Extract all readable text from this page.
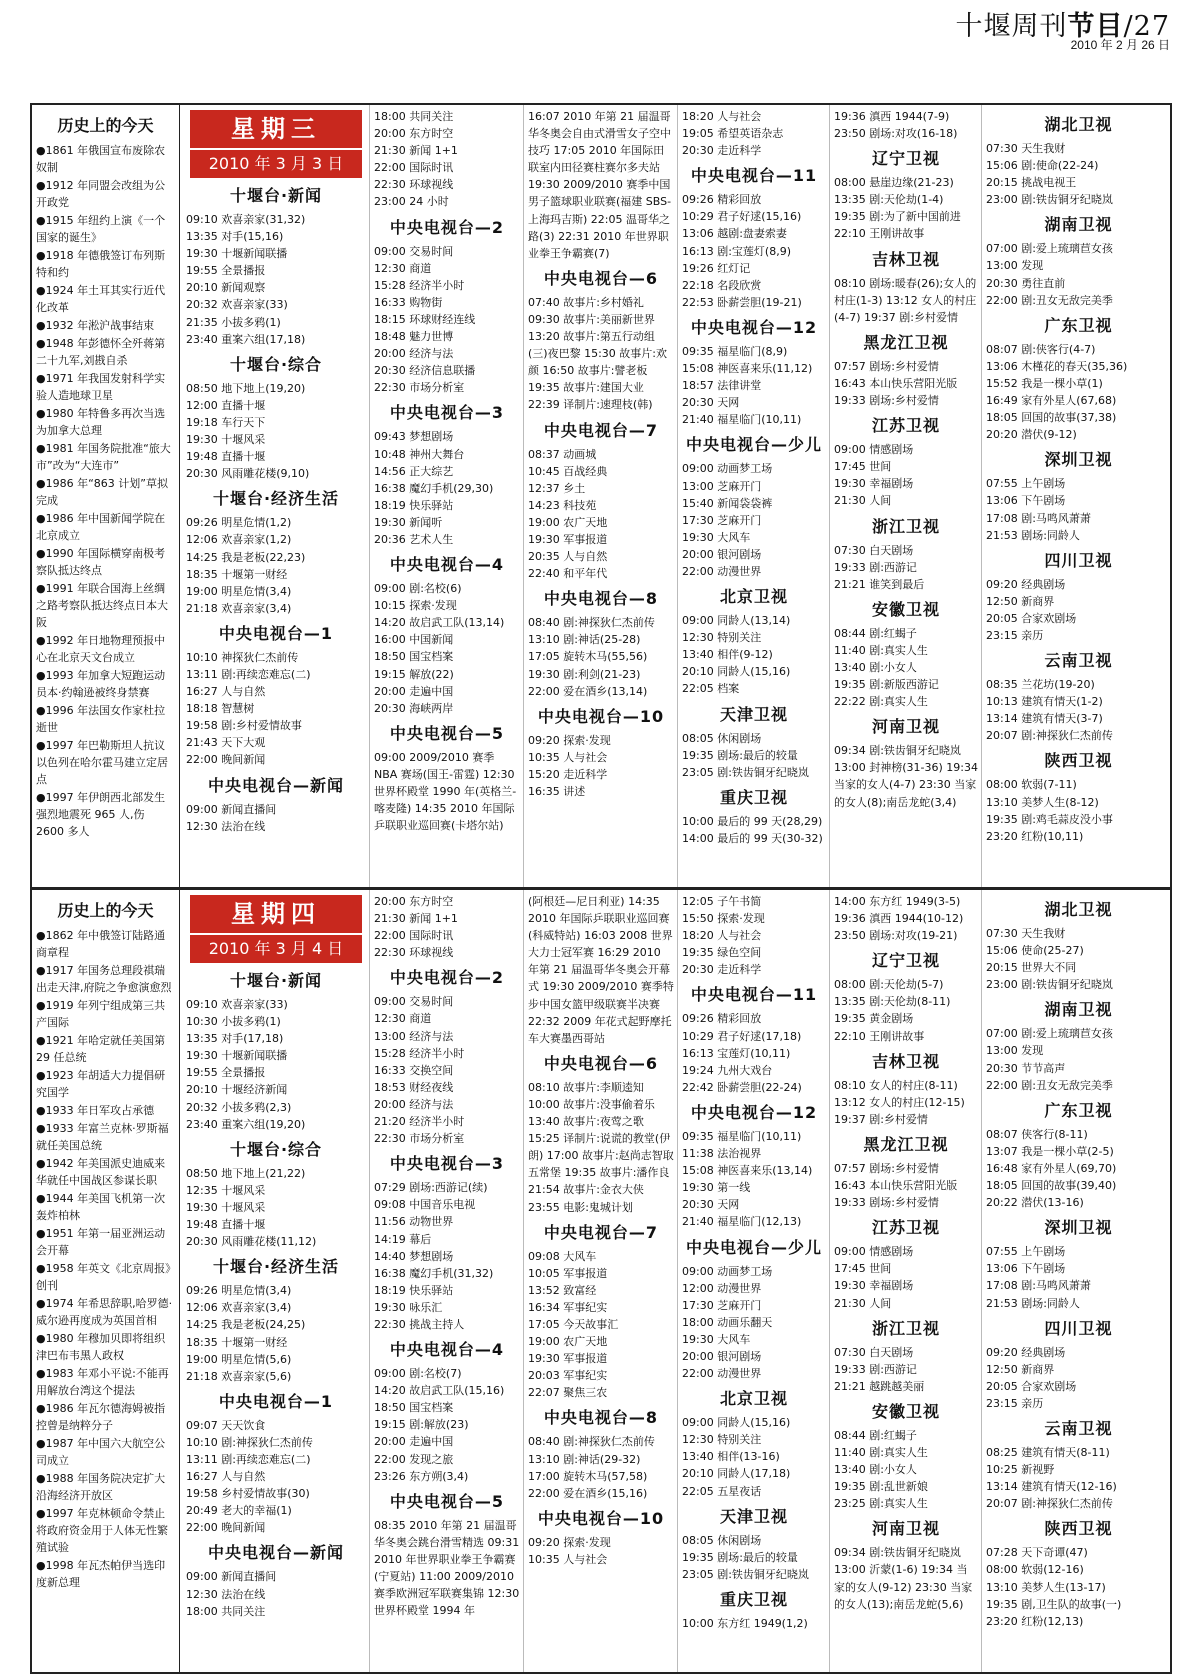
十堰周刊节目/27
2010 年 2 月 26 日
历史上的今天
●1861 年俄国宣布废除农奴制
●1912 年同盟会改组为公开政党
●1915 年纽约上演《一个国家的诞生》
●1918 年德俄签订布列斯特和约
●1924 年土耳其实行近代化改革
●1932 年淞沪战事结束
●1948 年彭德怀全歼蒋第二十九军,刘戡自杀
●1971 年我国发射科学实验人造地球卫星
●1980 年特鲁多再次当选为加拿大总理
●1981 年国务院批准“旅大市”改为“大连市”
●1986 年“863 计划”草拟完成
●1986 年中国新闻学院在北京成立
●1990 年国际横穿南极考察队抵达终点
●1991 年联合国海上丝绸之路考察队抵达终点日本大阪
●1992 年日地物理预报中心在北京天文台成立
●1993 年加拿大短跑运动员本·约翰逊被终身禁赛
●1996 年法国女作家杜拉逝世
●1997 年巴勒斯坦人抗议以色列在哈尔霍马建立定居点
●1997 年伊朗西北部发生强烈地震死 965 人,伤 2600 多人
星期三
2010 年 3 月 3 日
十堰台·新闻
09:10 欢喜亲家(31,32)
13:35 对手(15,16)
19:30 十堰新闻联播
19:55 全景播报
20:10 新闻观察
20:32 欢喜亲家(33)
21:35 小拔多鸦(1)
23:40 重案六组(17,18)
十堰台·综合
08:50 地下地上(19,20)
12:00 直播十堰
19:18 车行天下
19:30 十堰风采
19:48 直播十堰
20:30 风雨雕花楼(9,10)
十堰台·经济生活
09:26 明星危情(1,2)
12:06 欢喜亲家(1,2)
14:25 我是老板(22,23)
18:35 十堰第一财经
19:00 明星危情(3,4)
21:18 欢喜亲家(3,4)
中央电视台—1
10:10 神探狄仁杰前传
13:11 剧:再续恋难忘(二)
16:27 人与自然
18:18 智慧树
19:58 剧:乡村爱情故事
21:43 天下大观
22:00 晚间新闻
中央电视台—新闻
09:00 新闻直播间
12:30 法治在线
18:00 共同关注
20:00 东方时空
21:30 新闻 1+1
22:00 国际时讯
22:30 环球视线
23:00 24 小时
中央电视台—2
09:00 交易时间
12:30 商道
15:28 经济半小时
16:33 购物街
18:15 环球财经连线
18:48 魅力世博
20:00 经济与法
20:30 经济信息联播
22:30 市场分析室
中央电视台—3
09:43 梦想剧场
10:48 神州大舞台
14:56 正大综艺
16:38 魔幻手机(29,30)
18:19 快乐驿站
19:30 新闻听
20:36 艺术人生
中央电视台—4
09:00 剧:名校(6)
10:15 探索·发现
14:20 故启武工队(13,14)
16:00 中国新闻
18:50 国宝档案
19:15 解放(22)
20:00 走遍中国
20:30 海峡两岸
中央电视台—5
09:00 2009/2010 赛季 NBA 赛场(国王-雷霆) 12:30 世界杯殿堂 1990 年(英格兰-喀麦隆) 14:35 2010 年国际乒联职业巡回赛(卡塔尔站)
16:07 2010 年第 21 届温哥华冬奥会自由式滑雪女子空中技巧 17:05 2010 年国际田联室内田径赛柱赛尔多夫站 19:30 2009/2010 赛季中国男子篮球职业联赛(福建 SBS-上海玛吉斯) 22:05 温哥华之路(3) 22:31 2010 年世界职业拳王争霸赛(7)
中央电视台—6
07:40 故事片:乡村婚礼 09:30 故事片:美丽新世界 13:20 故事片:第五行动组(三)夜巴黎 15:30 故事片:欢颜 16:50 故事片:譬老板 19:35 故事片:建国大业 22:39 译制片:速理枝(韩)
中央电视台—7
08:37 动画城
10:45 百战经典
12:37 乡土
14:23 科技苑
19:00 农广天地
19:30 军事报道
20:35 人与自然
22:40 和平年代
中央电视台—8
08:40 剧:神探狄仁杰前传
13:10 剧:神话(25-28)
17:05 旋转木马(55,56)
19:30 剧:利剑(21-23)
22:00 爱在酒乡(13,14)
中央电视台—10
09:20 探索·发现
10:35 人与社会
15:20 走近科学
16:35 讲述
18:20 人与社会
19:05 希望英语杂志
20:30 走近科学
中央电视台—11
09:26 精彩回放
10:29 君子好逑(15,16)
13:06 越剧:盘妻索妻
16:13 剧:宝莲灯(8,9)
19:26 红灯记
22:18 名段欣赏
22:53 卧薪尝胆(19-21)
中央电视台—12
09:35 福星临门(8,9)
15:08 神医喜来乐(11,12)
18:57 法律讲堂
20:30 天网
21:40 福星临门(10,11)
中央电视台—少儿
09:00 动画梦工场
13:00 芝麻开门
15:40 新闻袋袋裤
17:30 芝麻开门
19:30 大风车
20:00 银河剧场
22:00 动漫世界
北京卫视
09:00 同龄人(13,14)
12:30 特别关注
13:40 相伴(9-12)
20:10 同龄人(15,16)
22:05 档案
天津卫视
08:05 休闲剧场
19:35 剧场:最后的较量
23:05 剧:铁齿铜牙纪晓岚
重庆卫视
10:00 最后的 99 天(28,29)
14:00 最后的 99 天(30-32)
19:36 滇西 1944(7-9)
23:50 剧场:对攻(16-18)
辽宁卫视
08:00 悬崖边缘(21-23)
13:35 剧:天伦劫(1-4)
19:35 剧:为了新中国前进
22:10 王刚讲故事
吉林卫视
08:10 剧场:暖春(26);女人的村庄(1-3) 13:12 女人的村庄(4-7) 19:37 剧:乡村爱情
黑龙江卫视
07:57 剧场:乡村爱情
16:43 本山快乐营阳光版
19:33 剧场:乡村爱情
江苏卫视
09:00 情感剧场
17:45 世间
19:30 幸福剧场
21:30 人间
浙江卫视
07:30 白天剧场
19:33 剧:西游记
21:21 谁笑到最后
安徽卫视
08:44 剧:红蝎子
11:40 剧:真实人生
13:40 剧:小女人
19:35 剧:新版西游记
22:22 剧:真实人生
河南卫视
09:34 剧:铁齿铜牙纪晓岚 13:00 封神榜(31-36) 19:34 当家的女人(4-7) 23:30 当家的女人(8);南岳龙蛇(3,4)
湖北卫视
07:30 天生我财
15:06 剧:使命(22-24)
20:15 挑战电视王
23:00 剧:铁齿铜牙纪晓岚
湖南卫视
07:00 剧:爱上琉璃苣女孩
13:00 发现
20:30 勇往直前
22:00 剧:丑女无敌完美季
广东卫视
08:07 剧:侠客行(4-7)
13:06 木槿花的春天(35,36)
15:52 我是一棵小草(1)
16:49 家有外星人(67,68)
18:05 回国的故事(37,38)
20:20 潜伏(9-12)
深圳卫视
07:55 上午剧场
13:06 下午剧场
17:08 剧:马鸣风萧萧
21:53 剧场:同龄人
四川卫视
09:20 经典剧场
12:50 新商界
20:05 合家欢剧场
23:15 亲历
云南卫视
08:35 兰花坊(19-20)
10:13 建筑有情天(1-2)
13:14 建筑有情天(3-7)
20:07 剧:神探狄仁杰前传
陕西卫视
08:00 软弱(7-11)
13:10 美梦人生(8-12)
19:35 剧:鸡毛蒜皮没小事
23:20 红粉(10,11)
历史上的今天
●1862 年中俄签订陆路通商章程
●1917 年国务总理段祺瑞出走天津,府院之争愈演愈烈
●1919 年列宁组成第三共产国际
●1921 年哈定就任美国第 29 任总统
●1923 年胡适大力提倡研究国学
●1933 年日军攻占承德
●1933 年富兰克林·罗斯福就任美国总统
●1942 年美国派史迪威来华就任中国战区参谋长职
●1944 年美国飞机第一次轰炸柏林
●1951 年第一届亚洲运动会开幕
●1958 年英文《北京周报》创刊
●1974 年希思辞职,哈罗德·威尔逊再度成为英国首相
●1980 年穆加贝即将组织津巴布韦黑人政权
●1983 年邓小平说:不能再用解放台湾这个提法
●1986 年瓦尔德海姆被指控曾是纳粹分子
●1987 年中国六大航空公司成立
●1988 年国务院决定扩大沿海经济开放区
●1997 年克林顿命令禁止将政府资金用于人体无性繁殖试验
●1998 年瓦杰帕伊当选印度新总理
星期四
2010 年 3 月 4 日
十堰台·新闻
09:10 欢喜亲家(33)
10:30 小拔多鸦(1)
13:35 对手(17,18)
19:30 十堰新闻联播
19:55 全景播报
20:10 十堰经济新闻
20:32 小拔多鸦(2,3)
23:40 重案六组(19,20)
十堰台·综合
08:50 地下地上(21,22)
12:35 十堰风采
19:30 十堰风采
19:48 直播十堰
20:30 风雨雕花楼(11,12)
十堰台·经济生活
09:26 明星危情(3,4)
12:06 欢喜亲家(3,4)
14:25 我是老板(24,25)
18:35 十堰第一财经
19:00 明星危情(5,6)
21:18 欢喜亲家(5,6)
中央电视台—1
09:07 天天饮食
10:10 剧:神探狄仁杰前传
13:11 剧:再续恋难忘(二)
16:27 人与自然
19:58 乡村爱情故事(30)
20:49 老大的幸福(1)
22:00 晚间新闻
中央电视台—新闻
09:00 新闻直播间
12:30 法治在线
18:00 共同关注
20:00 东方时空
21:30 新闻 1+1
22:00 国际时讯
22:30 环球视线
中央电视台—2
09:00 交易时间
12:30 商道
13:00 经济与法
15:28 经济半小时
16:33 交换空间
18:53 财经夜线
20:00 经济与法
21:20 经济半小时
22:30 市场分析室
中央电视台—3
07:29 剧场:西游记(续)
09:08 中国音乐电视
11:56 动物世界
14:19 幕后
14:40 梦想剧场
16:38 魔幻手机(31,32)
18:19 快乐驿站
19:30 咏乐汇
22:30 挑战主持人
中央电视台—4
09:00 剧:名校(7)
14:20 故启武工队(15,16)
18:50 国宝档案
19:15 剧:解放(23)
20:00 走遍中国
22:00 发现之旅
23:26 东方朔(3,4)
中央电视台—5
08:35 2010 年第 21 届温哥华冬奥会跳台滑雪精选 09:31 2010 年世界职业拳王争霸赛(宁夏站) 11:00 2009/2010 赛季欧洲冠军联赛集锦 12:30 世界杯殿堂 1994 年
(阿根廷—尼日利亚) 14:35 2010 年国际乒联职业巡回赛(科威特站) 16:03 2008 世界大力士冠军赛 16:29 2010 年第 21 届温哥华冬奥会开幕式 19:30 2009/2010 赛季特步中国女篮甲级联赛半决赛 22:32 2009 年花式起野摩托车大赛墨西哥站
中央电视台—6
08:10 故事片:李顺逵知 10:00 故事片:没事偷着乐 13:40 故事片:夜莺之歌 15:25 译制片:说谎的教堂(伊朗) 17:00 故事片:赵尚志智取五常堡 19:35 故事片:潘作良 21:54 故事片:金衣大侠 23:55 电影:鬼城计划
中央电视台—7
09:08 大风车
10:05 军事报道
13:52 致富经
16:34 军事纪实
17:05 今天故事汇
19:00 农广天地
19:30 军事报道
20:03 军事纪实
22:07 聚焦三农
中央电视台—8
08:40 剧:神探狄仁杰前传
13:10 剧:神话(29-32)
17:00 旋转木马(57,58)
22:00 爱在酒乡(15,16)
中央电视台—10
09:20 探索·发现
10:35 人与社会
12:05 子午书简
15:50 探索·发现
18:20 人与社会
19:35 绿色空间
20:30 走近科学
中央电视台—11
09:26 精彩回放
10:29 君子好逑(17,18)
16:13 宝莲灯(10,11)
19:24 九州大戏台
22:42 卧薪尝胆(22-24)
中央电视台—12
09:35 福星临门(10,11)
11:38 法治视界
15:08 神医喜来乐(13,14)
19:30 第一线
20:30 天网
21:40 福星临门(12,13)
中央电视台—少儿
09:00 动画梦工场
12:00 动漫世界
17:30 芝麻开门
18:00 动画乐翻天
19:30 大风车
20:00 银河剧场
22:00 动漫世界
北京卫视
09:00 同龄人(15,16)
12:30 特别关注
13:40 相伴(13-16)
20:10 同龄人(17,18)
22:05 五星夜话
天津卫视
08:05 休闲剧场
19:35 剧场:最后的较量
23:05 剧:铁齿铜牙纪晓岚
重庆卫视
10:00 东方红 1949(1,2)
14:00 东方红 1949(3-5)
19:36 滇西 1944(10-12)
23:50 剧场:对攻(19-21)
辽宁卫视
08:00 剧:天伦劫(5-7)
13:35 剧:天伦劫(8-11)
19:35 黄金剧场
22:10 王刚讲故事
吉林卫视
08:10 女人的村庄(8-11)
13:12 女人的村庄(12-15)
19:37 剧:乡村爱情
黑龙江卫视
07:57 剧场:乡村爱情
16:43 本山快乐营阳光版
19:33 剧场:乡村爱情
江苏卫视
09:00 情感剧场
17:45 世间
19:30 幸福剧场
21:30 人间
浙江卫视
07:30 白天剧场
19:33 剧:西游记
21:21 越跳越美丽
安徽卫视
08:44 剧:红蝎子
11:40 剧:真实人生
13:40 剧:小女人
19:35 剧:乱世新娘
23:25 剧:真实人生
河南卫视
09:34 剧:铁齿铜牙纪晓岚 13:00 沂蒙(1-6) 19:34 当家的女人(9-12) 23:30 当家的女人(13);南岳龙蛇(5,6)
湖北卫视
07:30 天生我财
15:06 使命(25-27)
20:15 世界大不同
23:00 剧:铁齿铜牙纪晓岚
湖南卫视
07:00 剧:爱上琉璃苣女孩
13:00 发现
20:30 节节高声
22:00 剧:丑女无敌完美季
广东卫视
08:07 侠客行(8-11)
13:07 我是一棵小草(2-5)
16:48 家有外星人(69,70)
18:05 回国的故事(39,40)
20:22 潜伏(13-16)
深圳卫视
07:55 上午剧场
13:06 下午剧场
17:08 剧:马鸣风萧萧
21:53 剧场:同龄人
四川卫视
09:20 经典剧场
12:50 新商界
20:05 合家欢剧场
23:15 亲历
云南卫视
08:25 建筑有情天(8-11)
10:25 新视野
13:14 建筑有情天(12-16)
20:07 剧:神探狄仁杰前传
陕西卫视
07:28 天下奇谭(47)
08:00 软弱(12-16)
13:10 美梦人生(13-17)
19:35 剧,卫生队的故事(一)
23:20 红粉(12,13)
